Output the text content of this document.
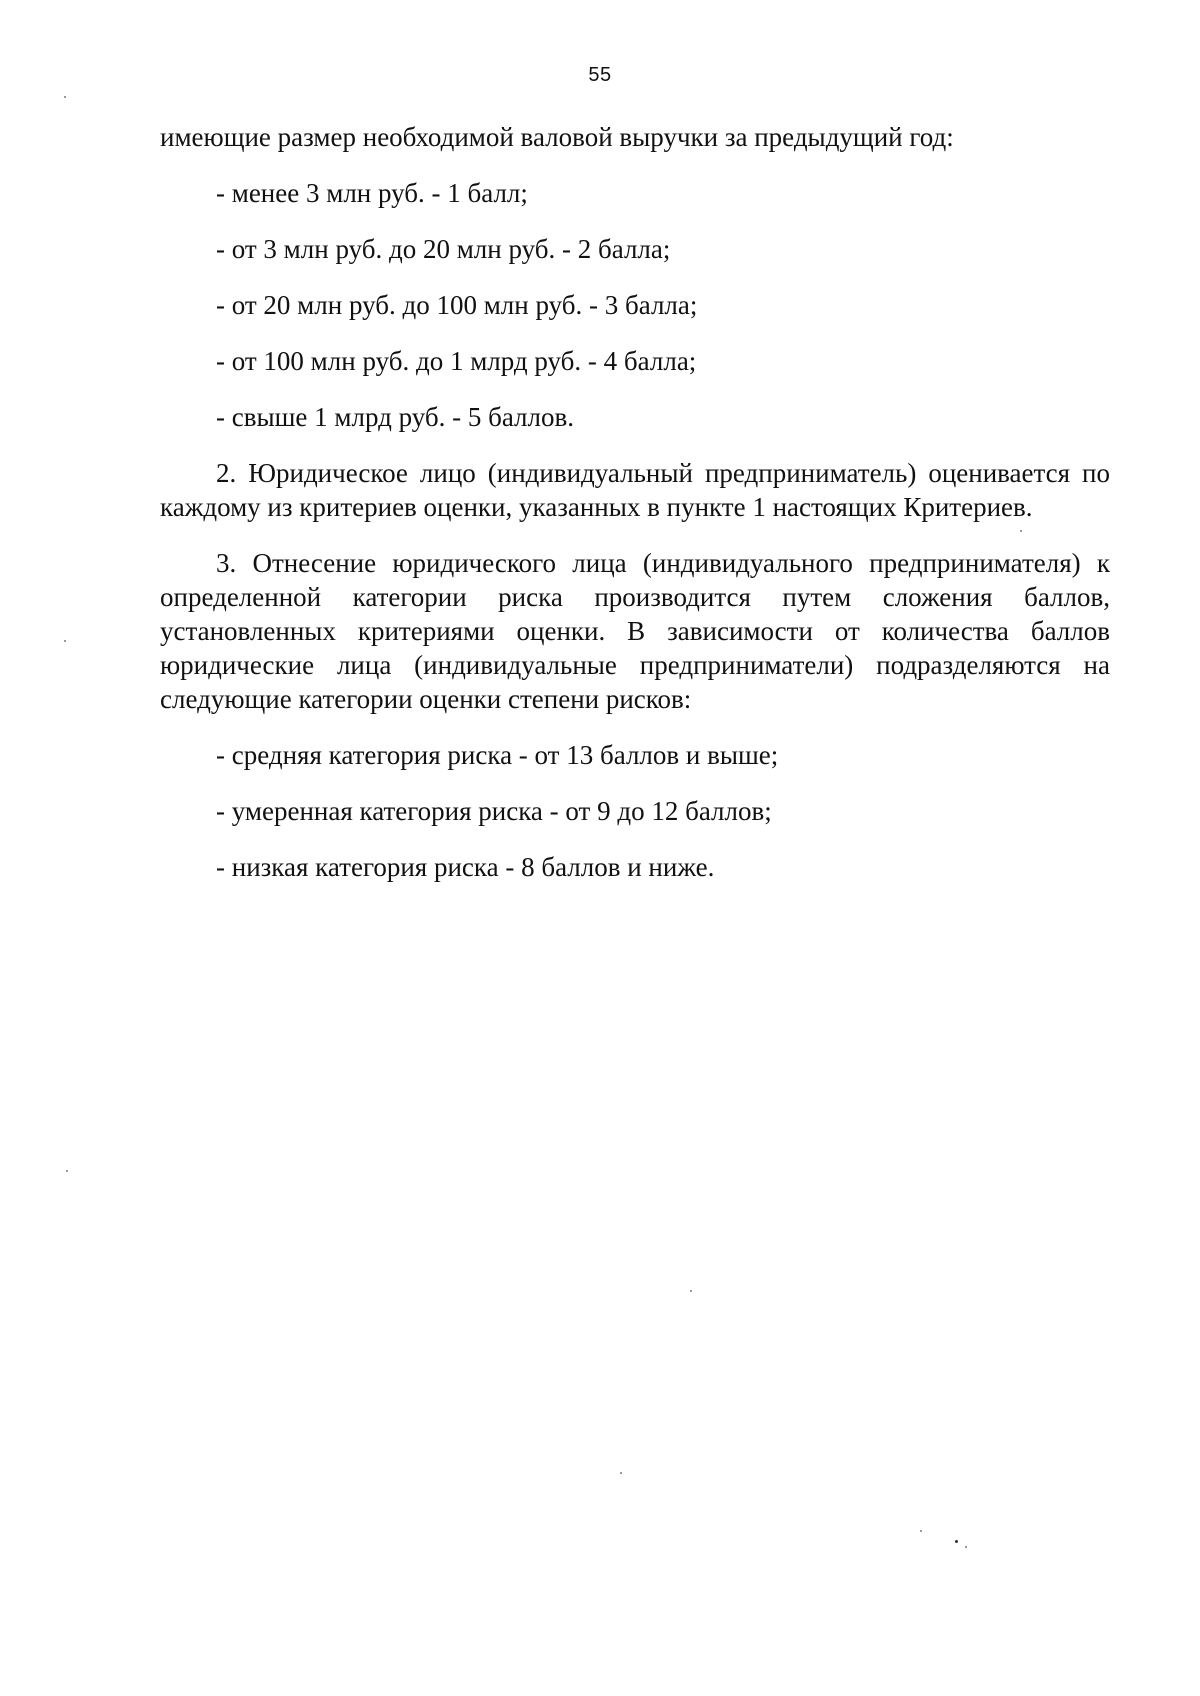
55

имеющие размер необходимой валовой выручки за предыдущий год:

- менее 3 млн руб. - 1 балл;

- от 3 млн руб. до 20 млн руб. - 2 балла;

- от 20 млн руб. до 100 млн руб. - 3 балла;

- от 100 млн руб. до 1 млрд руб. - 4 балла;

- свыше 1 млрд руб. - 5 баллов.

2. Юридическое лицо (индивидуальный предприниматель) оценивается по каждому из критериев оценки, указанных в пункте 1 настоящих Критериев.

3. Отнесение юридического лица (индивидуального предпринимателя) к определенной категории риска производится путем сложения баллов, установленных критериями оценки. В зависимости от количества баллов юридические лица (индивидуальные предприниматели) подразделяются на следующие категории оценки степени рисков:

- средняя категория риска - от 13 баллов и выше;

- умеренная категория риска - от 9 до 12 баллов;

- низкая категория риска - 8 баллов и ниже.
